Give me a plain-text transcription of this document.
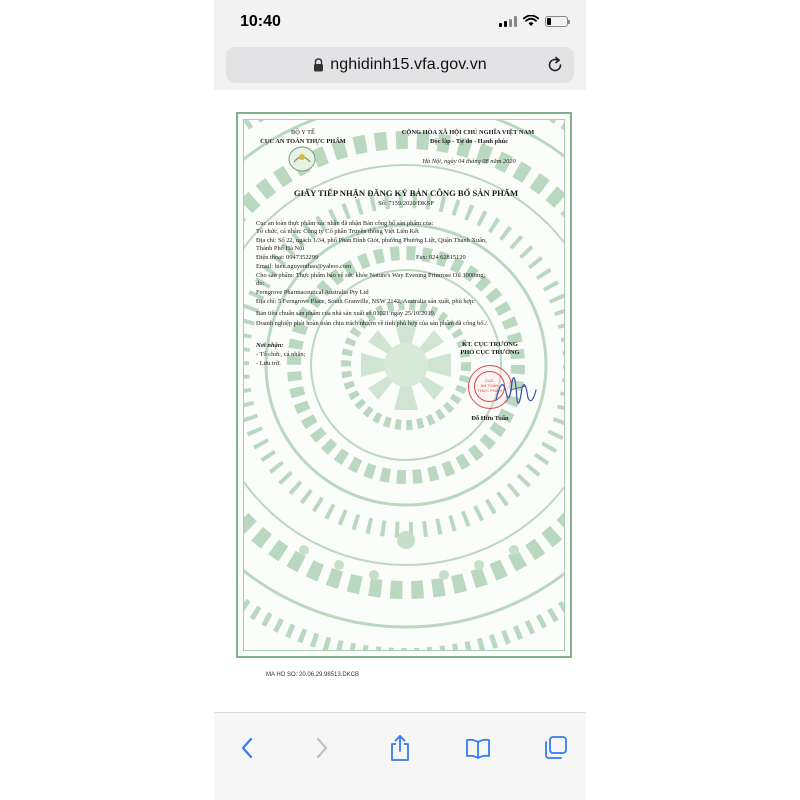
10:40
nghidinh15.vfa.gov.vn
BỘ Y TẾ
CỤC AN TOÀN THỰC PHẨM
CỘNG HÒA XÃ HỘI CHỦ NGHĨA VIỆT NAM
Độc lập - Tự do - Hạnh phúc
Hà Nội, ngày 04 tháng 08 năm 2020
GIẤY TIẾP NHẬN ĐĂNG KÝ BẢN CÔNG BỐ SẢN PHẨM
Số: 7159/2020/ĐKSP
Cục an toàn thực phẩm xác nhận đã nhận Bản công bố sản phẩm của:
Tổ chức, cá nhân: Công ty Cổ phần Truyền thông Việt Liên Kết
Địa chỉ: Số 22, ngách 1/34, phố Phan Đình Giót, phường Phương Liệt, Quận Thanh Xuân,
Thành Phố Hà Nội
Điện thoại: 0947352299	Fax: 024 62815120
Email: hien.nguyenthao@yahoo.com
Cho sản phẩm: Thực phẩm bảo vệ sức khỏe Nature's Way Evening Primrose Oil 1000mg;
do:
Ferngrove Pharmaceutical Australia Pty Ltd
Địa chỉ: 5 Ferngrove Place, South Granville, NSW 2142, Australia sản xuất, phù hợp:
Bản tiêu chuẩn sản phẩm của nhà sản xuất số 01021 ngày 25/10/2019.
Doanh nghiệp phải hoàn toàn chịu trách nhiệm về tính phù hợp của sản phẩm đã công bố./.
Nơi nhận:
- Tổ chức, cá nhân;
- Lưu trữ.
KT. CỤC TRƯỞNG
PHÓ CỤC TRƯỞNG
CỤC
AN TOÀN
THỰC PHẨM
Đỗ Hữu Tuấn
MA HO SO: 20.06.29.98513.DKCB
